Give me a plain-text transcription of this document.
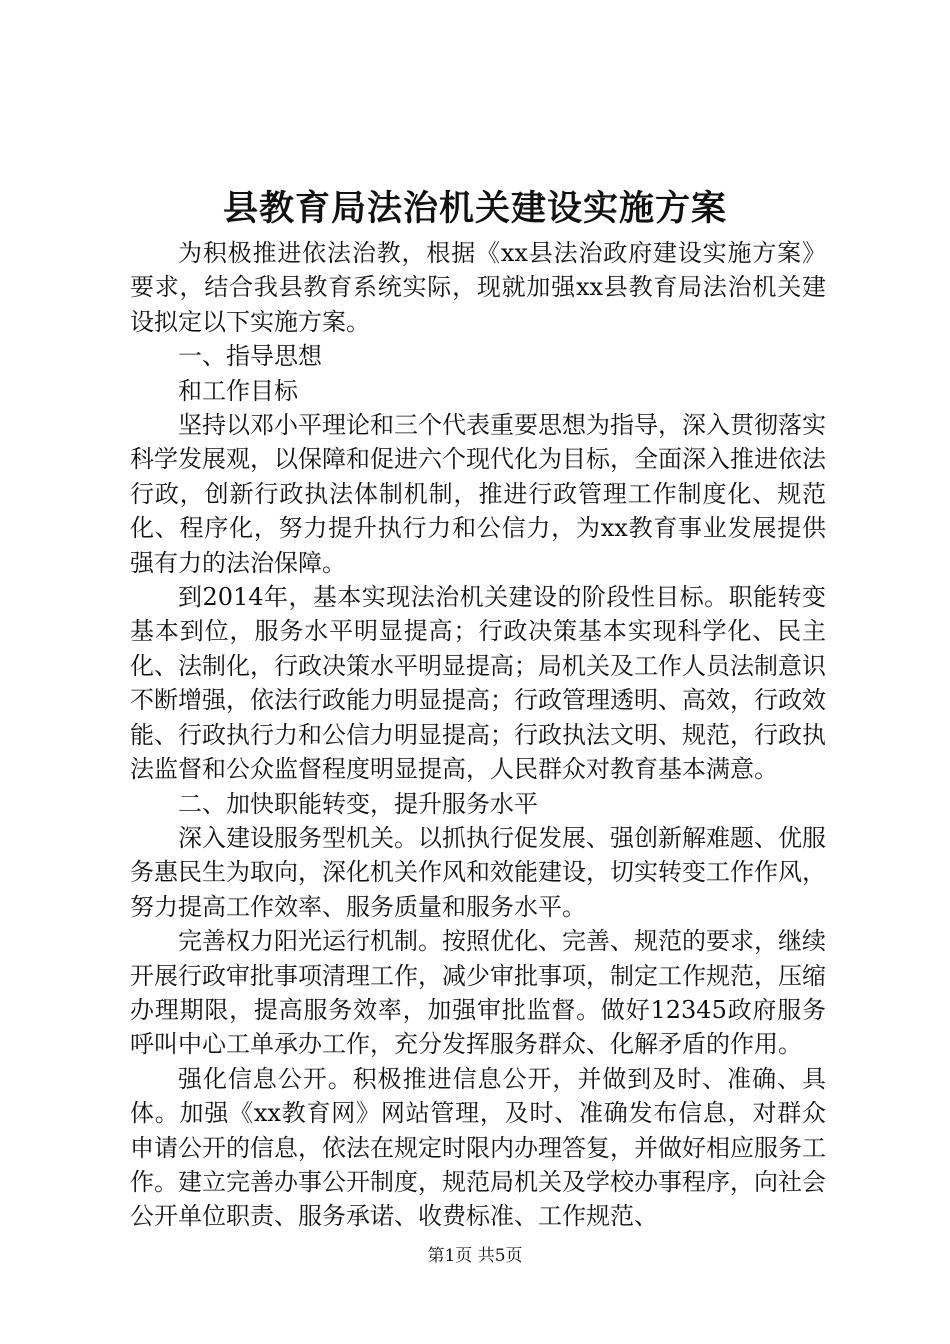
县教育局法治机关建设实施方案

为积极推进依法治教，根据《xx县法治政府建设实施方案》要求，结合我县教育系统实际，现就加强xx县教育局法治机关建设拟定以下实施方案。

一、指导思想

和工作目标

坚持以邓小平理论和三个代表重要思想为指导，深入贯彻落实科学发展观，以保障和促进六个现代化为目标，全面深入推进依法行政，创新行政执法体制机制，推进行政管理工作制度化、规范化、程序化，努力提升执行力和公信力，为xx教育事业发展提供强有力的法治保障。

到2014年，基本实现法治机关建设的阶段性目标。职能转变基本到位，服务水平明显提高；行政决策基本实现科学化、民主化、法制化，行政决策水平明显提高；局机关及工作人员法制意识不断增强，依法行政能力明显提高；行政管理透明、高效，行政效能、行政执行力和公信力明显提高；行政执法文明、规范，行政执法监督和公众监督程度明显提高，人民群众对教育基本满意。

二、加快职能转变，提升服务水平

深入建设服务型机关。以抓执行促发展、强创新解难题、优服务惠民生为取向，深化机关作风和效能建设，切实转变工作作风，努力提高工作效率、服务质量和服务水平。

完善权力阳光运行机制。按照优化、完善、规范的要求，继续开展行政审批事项清理工作，减少审批事项，制定工作规范，压缩办理期限，提高服务效率，加强审批监督。做好12345政府服务呼叫中心工单承办工作，充分发挥服务群众、化解矛盾的作用。

强化信息公开。积极推进信息公开，并做到及时、准确、具体。加强《xx教育网》网站管理，及时、准确发布信息，对群众申请公开的信息，依法在规定时限内办理答复，并做好相应服务工作。建立完善办事公开制度，规范局机关及学校办事程序，向社会公开单位职责、服务承诺、收费标准、工作规范、

第1页 共5页
